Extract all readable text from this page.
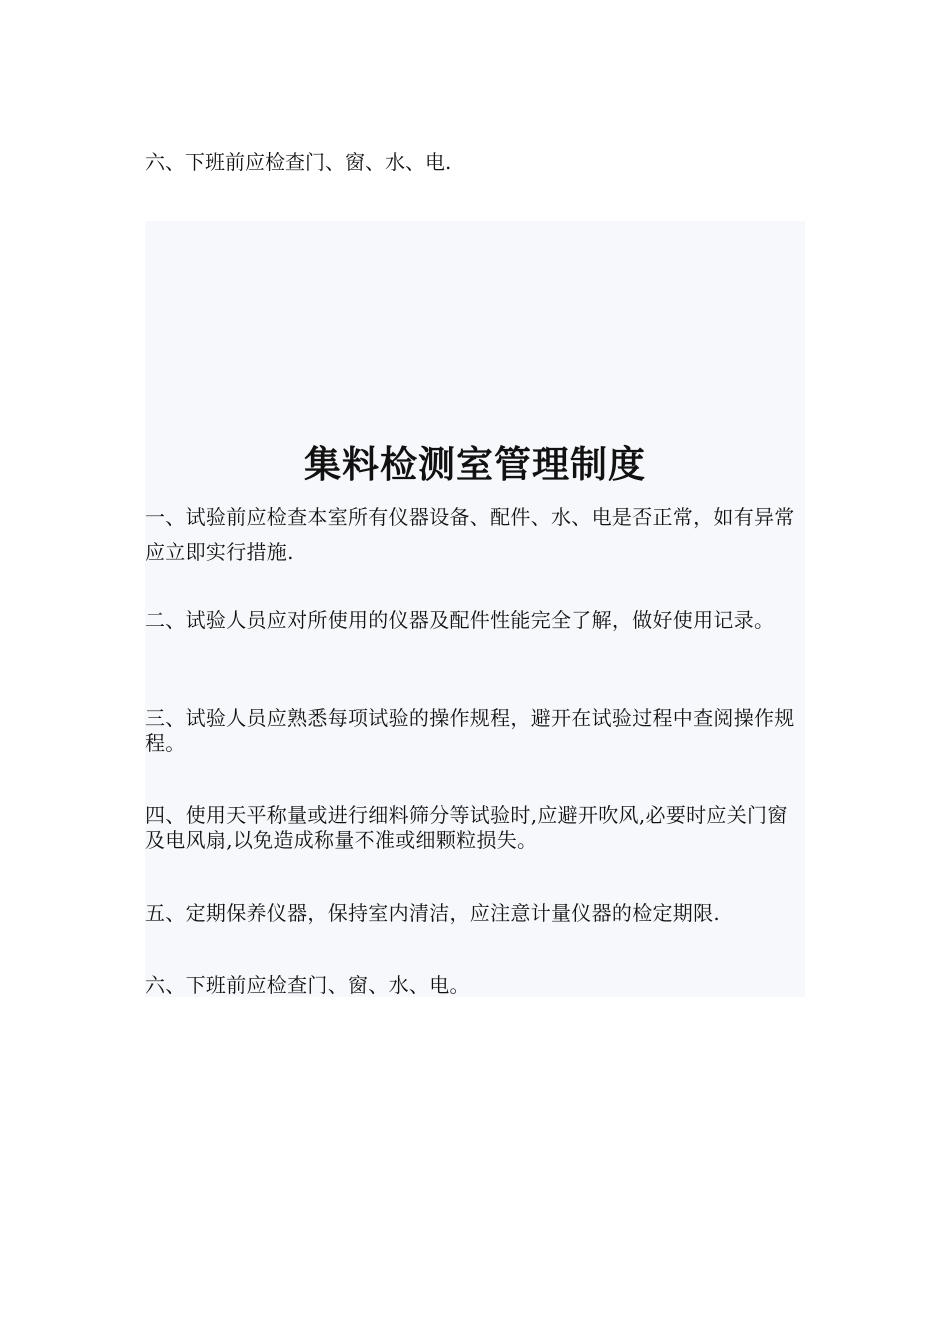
六、下班前应检查门、窗、水、电.
集料检测室管理制度
一、试验前应检查本室所有仪器设备、配件、水、电是否正常，如有异常应立即实行措施.
二、试验人员应对所使用的仪器及配件性能完全了解，做好使用记录。
三、试验人员应熟悉每项试验的操作规程，避开在试验过程中查阅操作规程。
四、使用天平称量或进行细料筛分等试验时,应避开吹风,必要时应关门窗及电风扇,以免造成称量不准或细颗粒损失。
五、定期保养仪器，保持室内清洁，应注意计量仪器的检定期限.
六、下班前应检查门、窗、水、电。
